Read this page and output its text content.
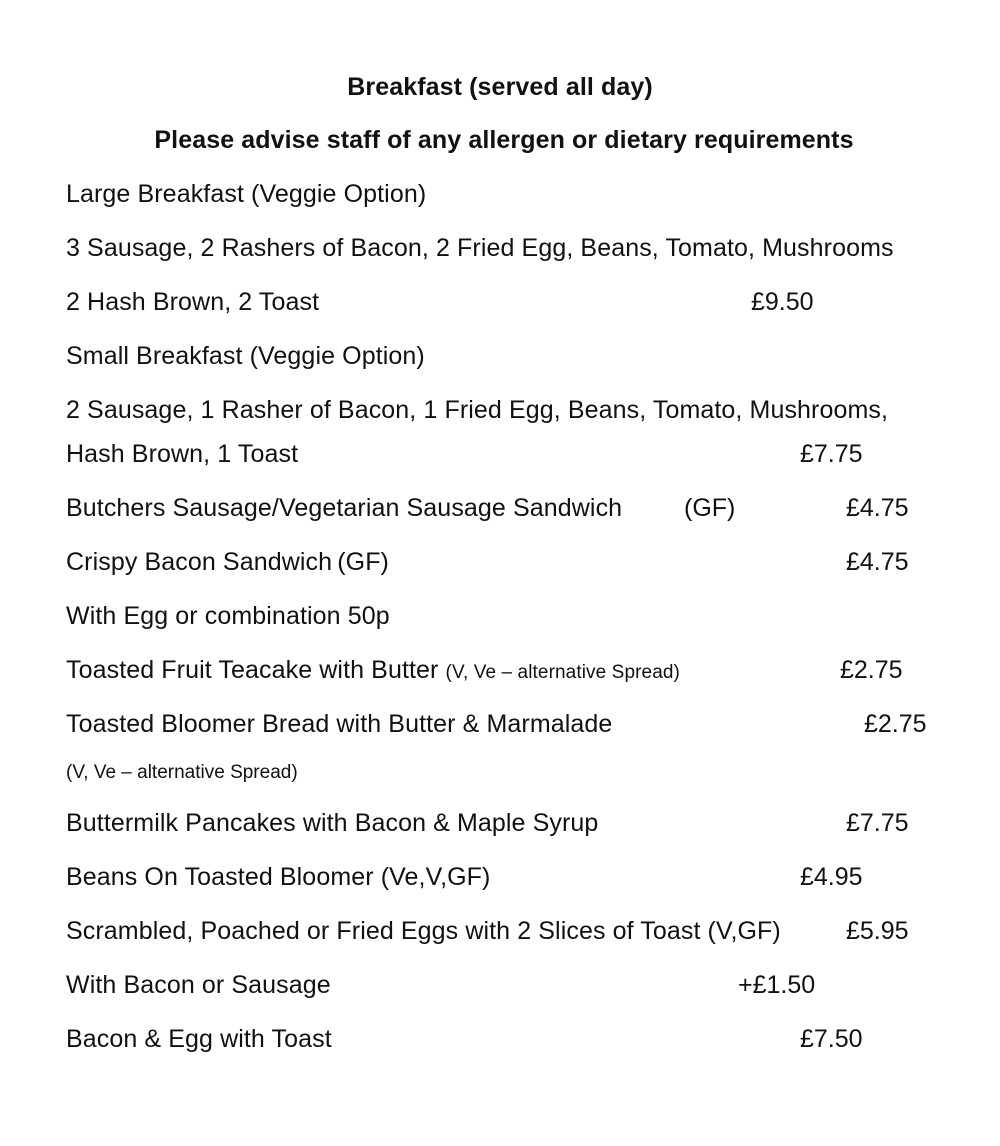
Breakfast (served all day)
Please advise staff of any allergen or dietary requirements
Large Breakfast (Veggie Option)
3 Sausage, 2 Rashers of Bacon, 2 Fried Egg, Beans, Tomato, Mushrooms
2 Hash Brown, 2 Toast	£9.50
Small Breakfast (Veggie Option)
2 Sausage, 1 Rasher of Bacon, 1 Fried Egg, Beans, Tomato, Mushrooms,
Hash Brown, 1 Toast	£7.75
Butchers Sausage/Vegetarian Sausage Sandwich (GF)	£4.75
Crispy Bacon Sandwich (GF)	£4.75
With Egg or combination 50p
Toasted Fruit Teacake with Butter (V, Ve – alternative Spread)	£2.75
Toasted Bloomer Bread with Butter & Marmalade	£2.75
(V, Ve – alternative Spread)
Buttermilk Pancakes with Bacon & Maple Syrup	£7.75
Beans On Toasted Bloomer (Ve,V,GF)	£4.95
Scrambled, Poached or Fried Eggs with 2 Slices of Toast (V,GF)	£5.95
With Bacon or Sausage	+£1.50
Bacon & Egg with Toast	£7.50
